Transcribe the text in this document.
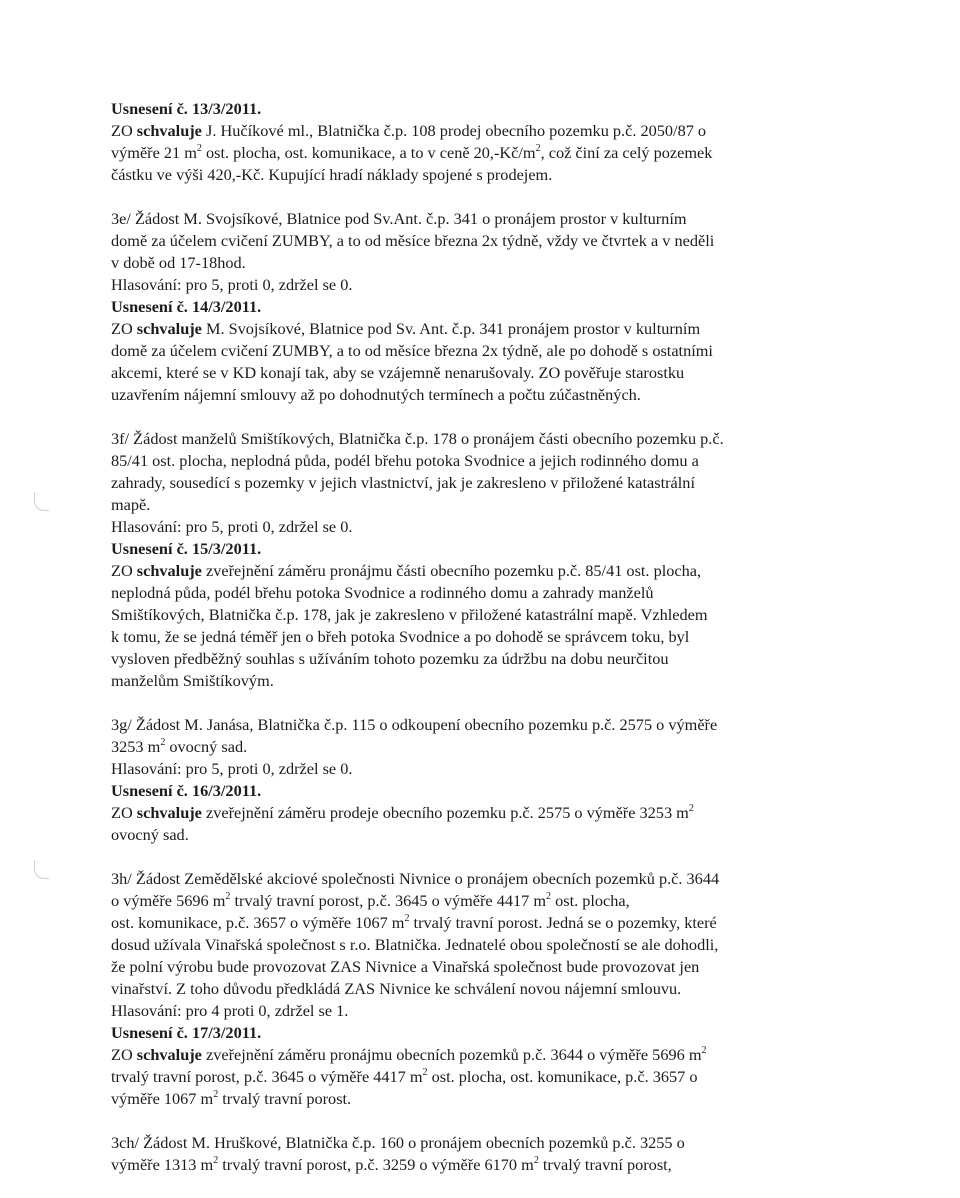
Usnesení č. 13/3/2011.
ZO schvaluje J. Hučíkové ml., Blatnička č.p. 108 prodej obecního pozemku p.č. 2050/87 o
výměře 21 $m^2$ ost. plocha, ost. komunikace, a to v ceně $20,-Kč/m^2$, což činí za celý pozemek
částku ve výši 420,-Kč. Kupující hradí náklady spojené s prodejem.
3e/ Žádost M. Svojsíkové, Blatnice pod Sv.Ant. č.p. 341 o pronájem prostor v kulturním
domě za účelem cvičení ZUMBY, a to od měsíce března 2x týdně, vždy ve čtvrtek a v neděli
v době od 17-18hod.
Hlasování: pro 5, proti 0, zdržel se 0.
Usnesení č. 14/3/2011.
ZO schvaluje M. Svojsíkové, Blatnice pod Sv. Ant. č.p. 341 pronájem prostor v kulturním
domě za účelem cvičení ZUMBY, a to od měsíce března 2x týdně, ale po dohodě s ostatními
akcemi, které se v KD konají tak, aby se vzájemně nenarušovaly. ZO pověřuje starostku
uzavřením nájemní smlouvy až po dohodnutých termínech a počtu zúčastněných.
3f/ Žádost manželů Smištíkových, Blatnička č.p. 178 o pronájem části obecního pozemku p.č.
85/41 ost. plocha, neplodná půda, podél břehu potoka Svodnice a jejich rodinného domu a
zahrady, sousedící s pozemky v jejich vlastnictví, jak je zakresleno v přiložené katastrální
mapě.
Hlasování: pro 5, proti 0, zdržel se 0.
Usnesení č. 15/3/2011.
ZO schvaluje zveřejnění záměru pronájmu části obecního pozemku p.č. 85/41 ost. plocha,
neplodná půda, podél břehu potoka Svodnice a rodinného domu a zahrady manželů
Smištíkových, Blatnička č.p. 178, jak je zakresleno v přiložené katastrální mapě. Vzhledem
k tomu, že se jedná téměř jen o břeh potoka Svodnice a po dohodě se správcem toku, byl
vysloven předběžný souhlas s užíváním tohoto pozemku za údržbu na dobu neurčitou
manželům Smištíkovým.
3g/ Žádost M. Janása, Blatnička č.p. 115 o odkoupení obecního pozemku p.č. 2575 o výměře
3253 $m^2$ ovocný sad.
Hlasování: pro 5, proti 0, zdržel se 0.
Usnesení č. 16/3/2011.
ZO schvaluje zveřejnění záměru prodeje obecního pozemku p.č. 2575 o výměře 3253 $m^2$
ovocný sad.
3h/ Žádost Zemědělské akciové společnosti Nivnice o pronájem obecních pozemků p.č. 3644
o výměře 5696 $m^2$ trvalý travní porost, p.č. 3645 o výměře 4417 $m^2$ ost. plocha,
ost. komunikace, p.č. 3657 o výměře 1067 $m^2$ trvalý travní porost. Jedná se o pozemky, které
dosud užívala Vinařská společnost s r.o. Blatnička. Jednatelé obou společností se ale dohodli,
že polní výrobu bude provozovat ZAS Nivnice a Vinařská společnost bude provozovat jen
vinařství. Z toho důvodu předkládá ZAS Nivnice ke schválení novou nájemní smlouvu.
Hlasování: pro 4 proti 0, zdržel se 1.
Usnesení č. 17/3/2011.
ZO schvaluje zveřejnění záměru pronájmu obecních pozemků p.č. 3644 o výměře 5696 $m^2$
trvalý travní porost, p.č. 3645 o výměře 4417 $m^2$ ost. plocha, ost. komunikace, p.č. 3657 o
výměře 1067 $m^2$ trvalý travní porost.
3ch/ Žádost M. Hruškové, Blatnička č.p. 160 o pronájem obecních pozemků p.č. 3255 o
výměře 1313 $m^2$ trvalý travní porost, p.č. 3259 o výměře 6170 $m^2$ trvalý travní porost,
